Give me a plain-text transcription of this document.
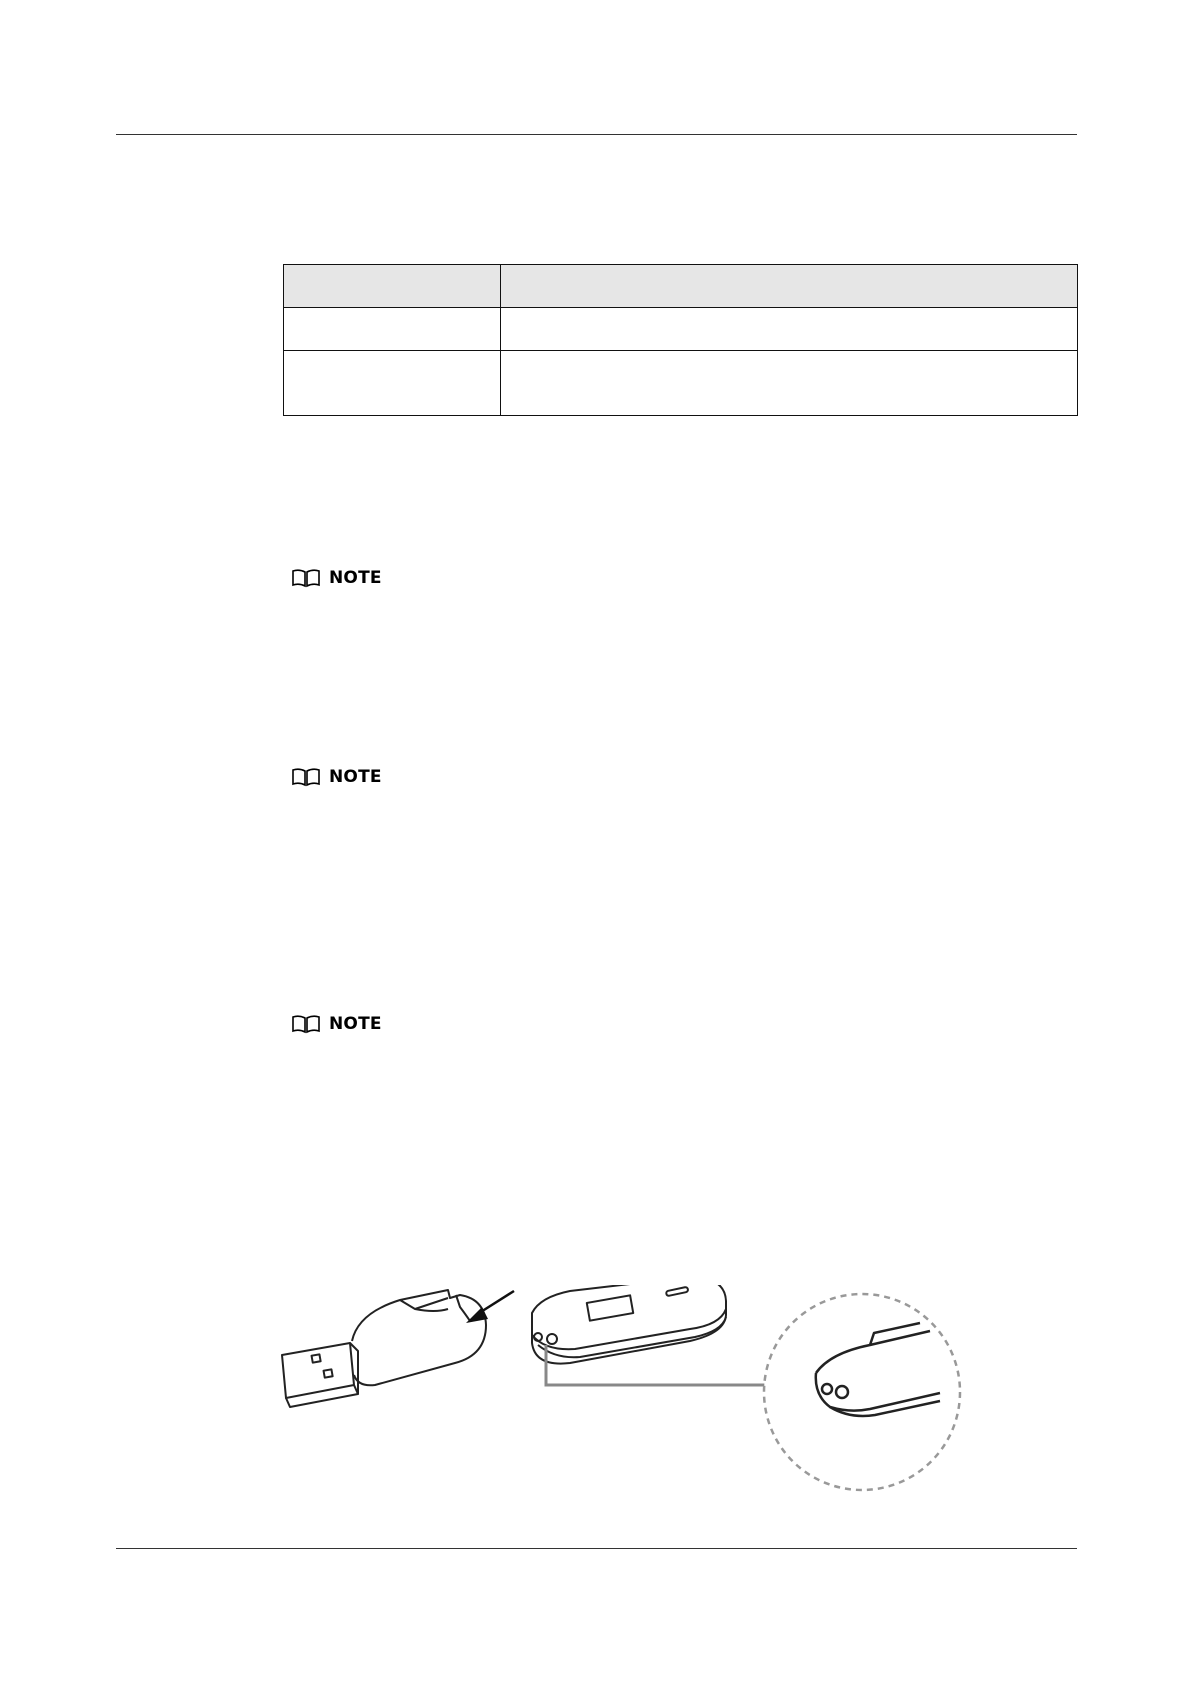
NOTE
NOTE
NOTE
